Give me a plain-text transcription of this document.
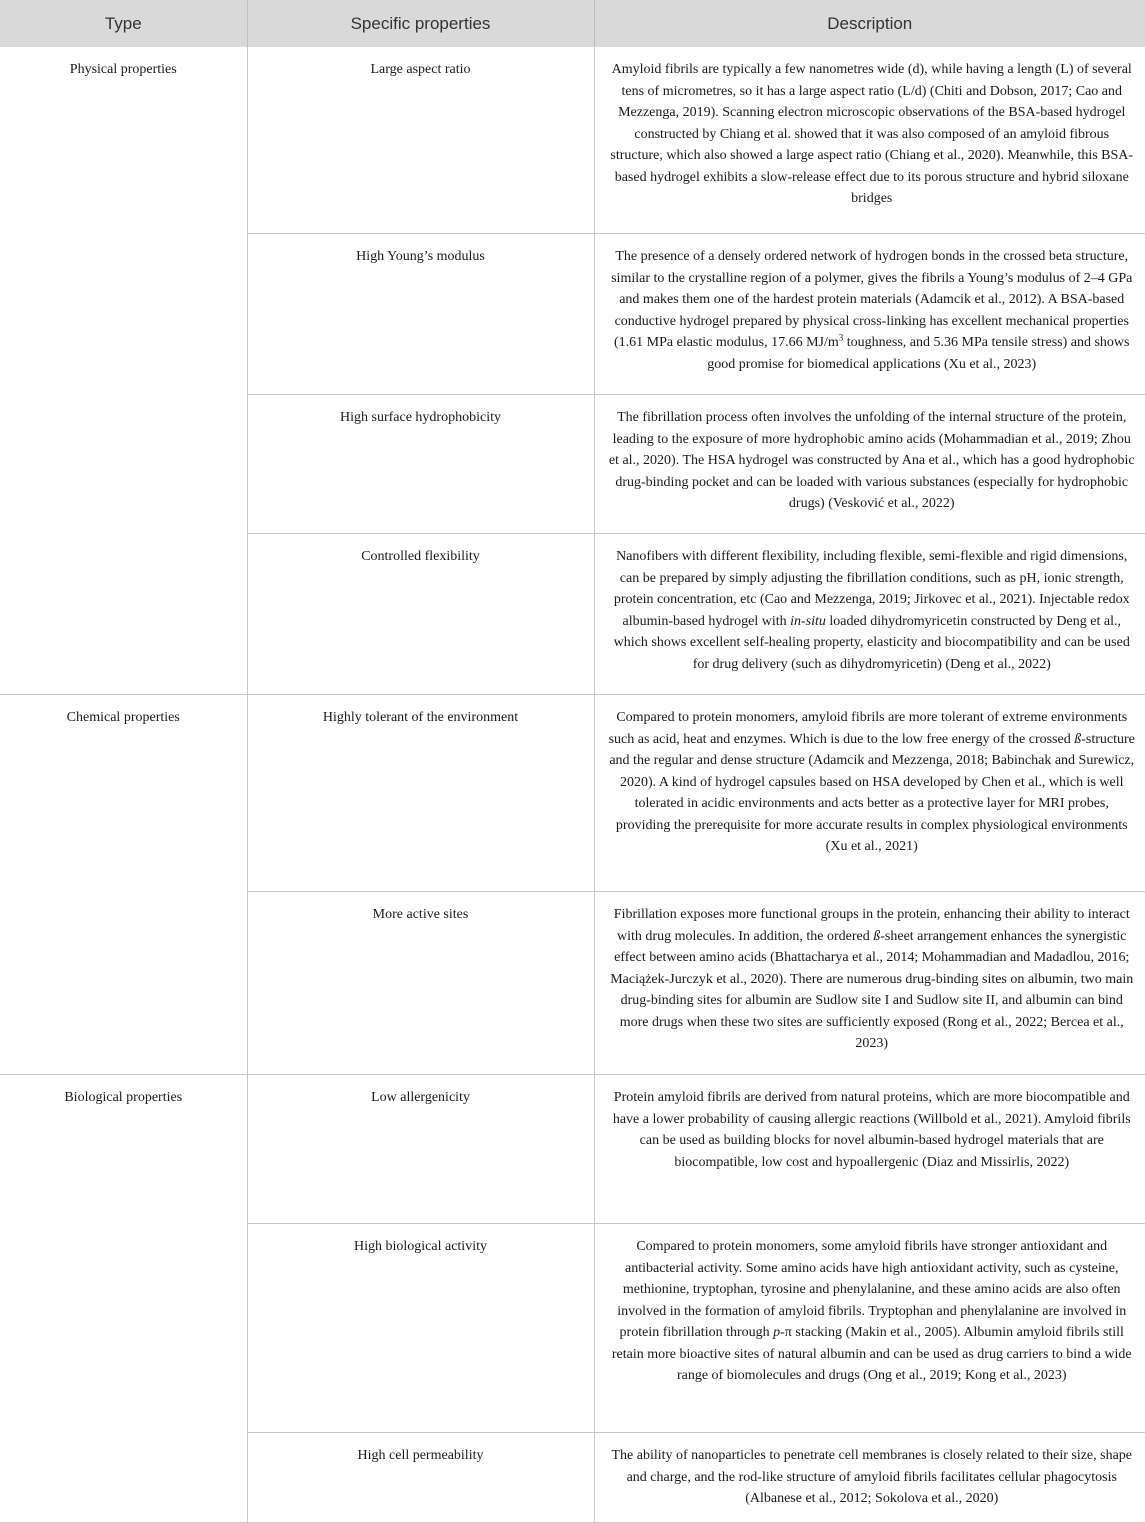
Type	Specific properties	Description
Physical properties	Large aspect ratio	Amyloid fibrils are typically a few nanometres wide (d), while having a length (L) of several tens of micrometres, so it has a large aspect ratio (L/d) (Chiti and Dobson, 2017; Cao and Mezzenga, 2019). Scanning electron microscopic observations of the BSA-based hydrogel constructed by Chiang et al. showed that it was also composed of an amyloid fibrous structure, which also showed a large aspect ratio (Chiang et al., 2020). Meanwhile, this BSA-based hydrogel exhibits a slow-release effect due to its porous structure and hybrid siloxane bridges
	High Young’s modulus	The presence of a densely ordered network of hydrogen bonds in the crossed beta structure, similar to the crystalline region of a polymer, gives the fibrils a Young’s modulus of 2–4 GPa and makes them one of the hardest protein materials (Adamcik et al., 2012). A BSA-based conductive hydrogel prepared by physical cross-linking has excellent mechanical properties (1.61 MPa elastic modulus, 17.66 $MJ/m^3$ toughness, and 5.36 MPa tensile stress) and shows good promise for biomedical applications (Xu et al., 2023)
	High surface hydrophobicity	The fibrillation process often involves the unfolding of the internal structure of the protein, leading to the exposure of more hydrophobic amino acids (Mohammadian et al., 2019; Zhou et al., 2020). The HSA hydrogel was constructed by Ana et al., which has a good hydrophobic drug-binding pocket and can be loaded with various substances (especially for hydrophobic drugs) (Vesković et al., 2022)
	Controlled flexibility	Nanofibers with different flexibility, including flexible, semi-flexible and rigid dimensions, can be prepared by simply adjusting the fibrillation conditions, such as pH, ionic strength, protein concentration, etc (Cao and Mezzenga, 2019; Jirkovec et al., 2021). Injectable redox albumin-based hydrogel with in-situ loaded dihydromyricetin constructed by Deng et al., which shows excellent self-healing property, elasticity and biocompatibility and can be used for drug delivery (such as dihydromyricetin) (Deng et al., 2022)
Chemical properties	Highly tolerant of the environment	Compared to protein monomers, amyloid fibrils are more tolerant of extreme environments such as acid, heat and enzymes. Which is due to the low free energy of the crossed ß-structure and the regular and dense structure (Adamcik and Mezzenga, 2018; Babinchak and Surewicz, 2020). A kind of hydrogel capsules based on HSA developed by Chen et al., which is well tolerated in acidic environments and acts better as a protective layer for MRI probes, providing the prerequisite for more accurate results in complex physiological environments (Xu et al., 2021)
	More active sites	Fibrillation exposes more functional groups in the protein, enhancing their ability to interact with drug molecules. In addition, the ordered ß-sheet arrangement enhances the synergistic effect between amino acids (Bhattacharya et al., 2014; Mohammadian and Madadlou, 2016; Maciążek-Jurczyk et al., 2020). There are numerous drug-binding sites on albumin, two main drug-binding sites for albumin are Sudlow site I and Sudlow site II, and albumin can bind more drugs when these two sites are sufficiently exposed (Rong et al., 2022; Bercea et al., 2023)
Biological properties	Low allergenicity	Protein amyloid fibrils are derived from natural proteins, which are more biocompatible and have a lower probability of causing allergic reactions (Willbold et al., 2021). Amyloid fibrils can be used as building blocks for novel albumin-based hydrogel materials that are biocompatible, low cost and hypoallergenic (Diaz and Missirlis, 2022)
	High biological activity	Compared to protein monomers, some amyloid fibrils have stronger antioxidant and antibacterial activity. Some amino acids have high antioxidant activity, such as cysteine, methionine, tryptophan, tyrosine and phenylalanine, and these amino acids are also often involved in the formation of amyloid fibrils. Tryptophan and phenylalanine are involved in protein fibrillation through p-π stacking (Makin et al., 2005). Albumin amyloid fibrils still retain more bioactive sites of natural albumin and can be used as drug carriers to bind a wide range of biomolecules and drugs (Ong et al., 2019; Kong et al., 2023)
	High cell permeability	The ability of nanoparticles to penetrate cell membranes is closely related to their size, shape and charge, and the rod-like structure of amyloid fibrils facilitates cellular phagocytosis (Albanese et al., 2012; Sokolova et al., 2020)
